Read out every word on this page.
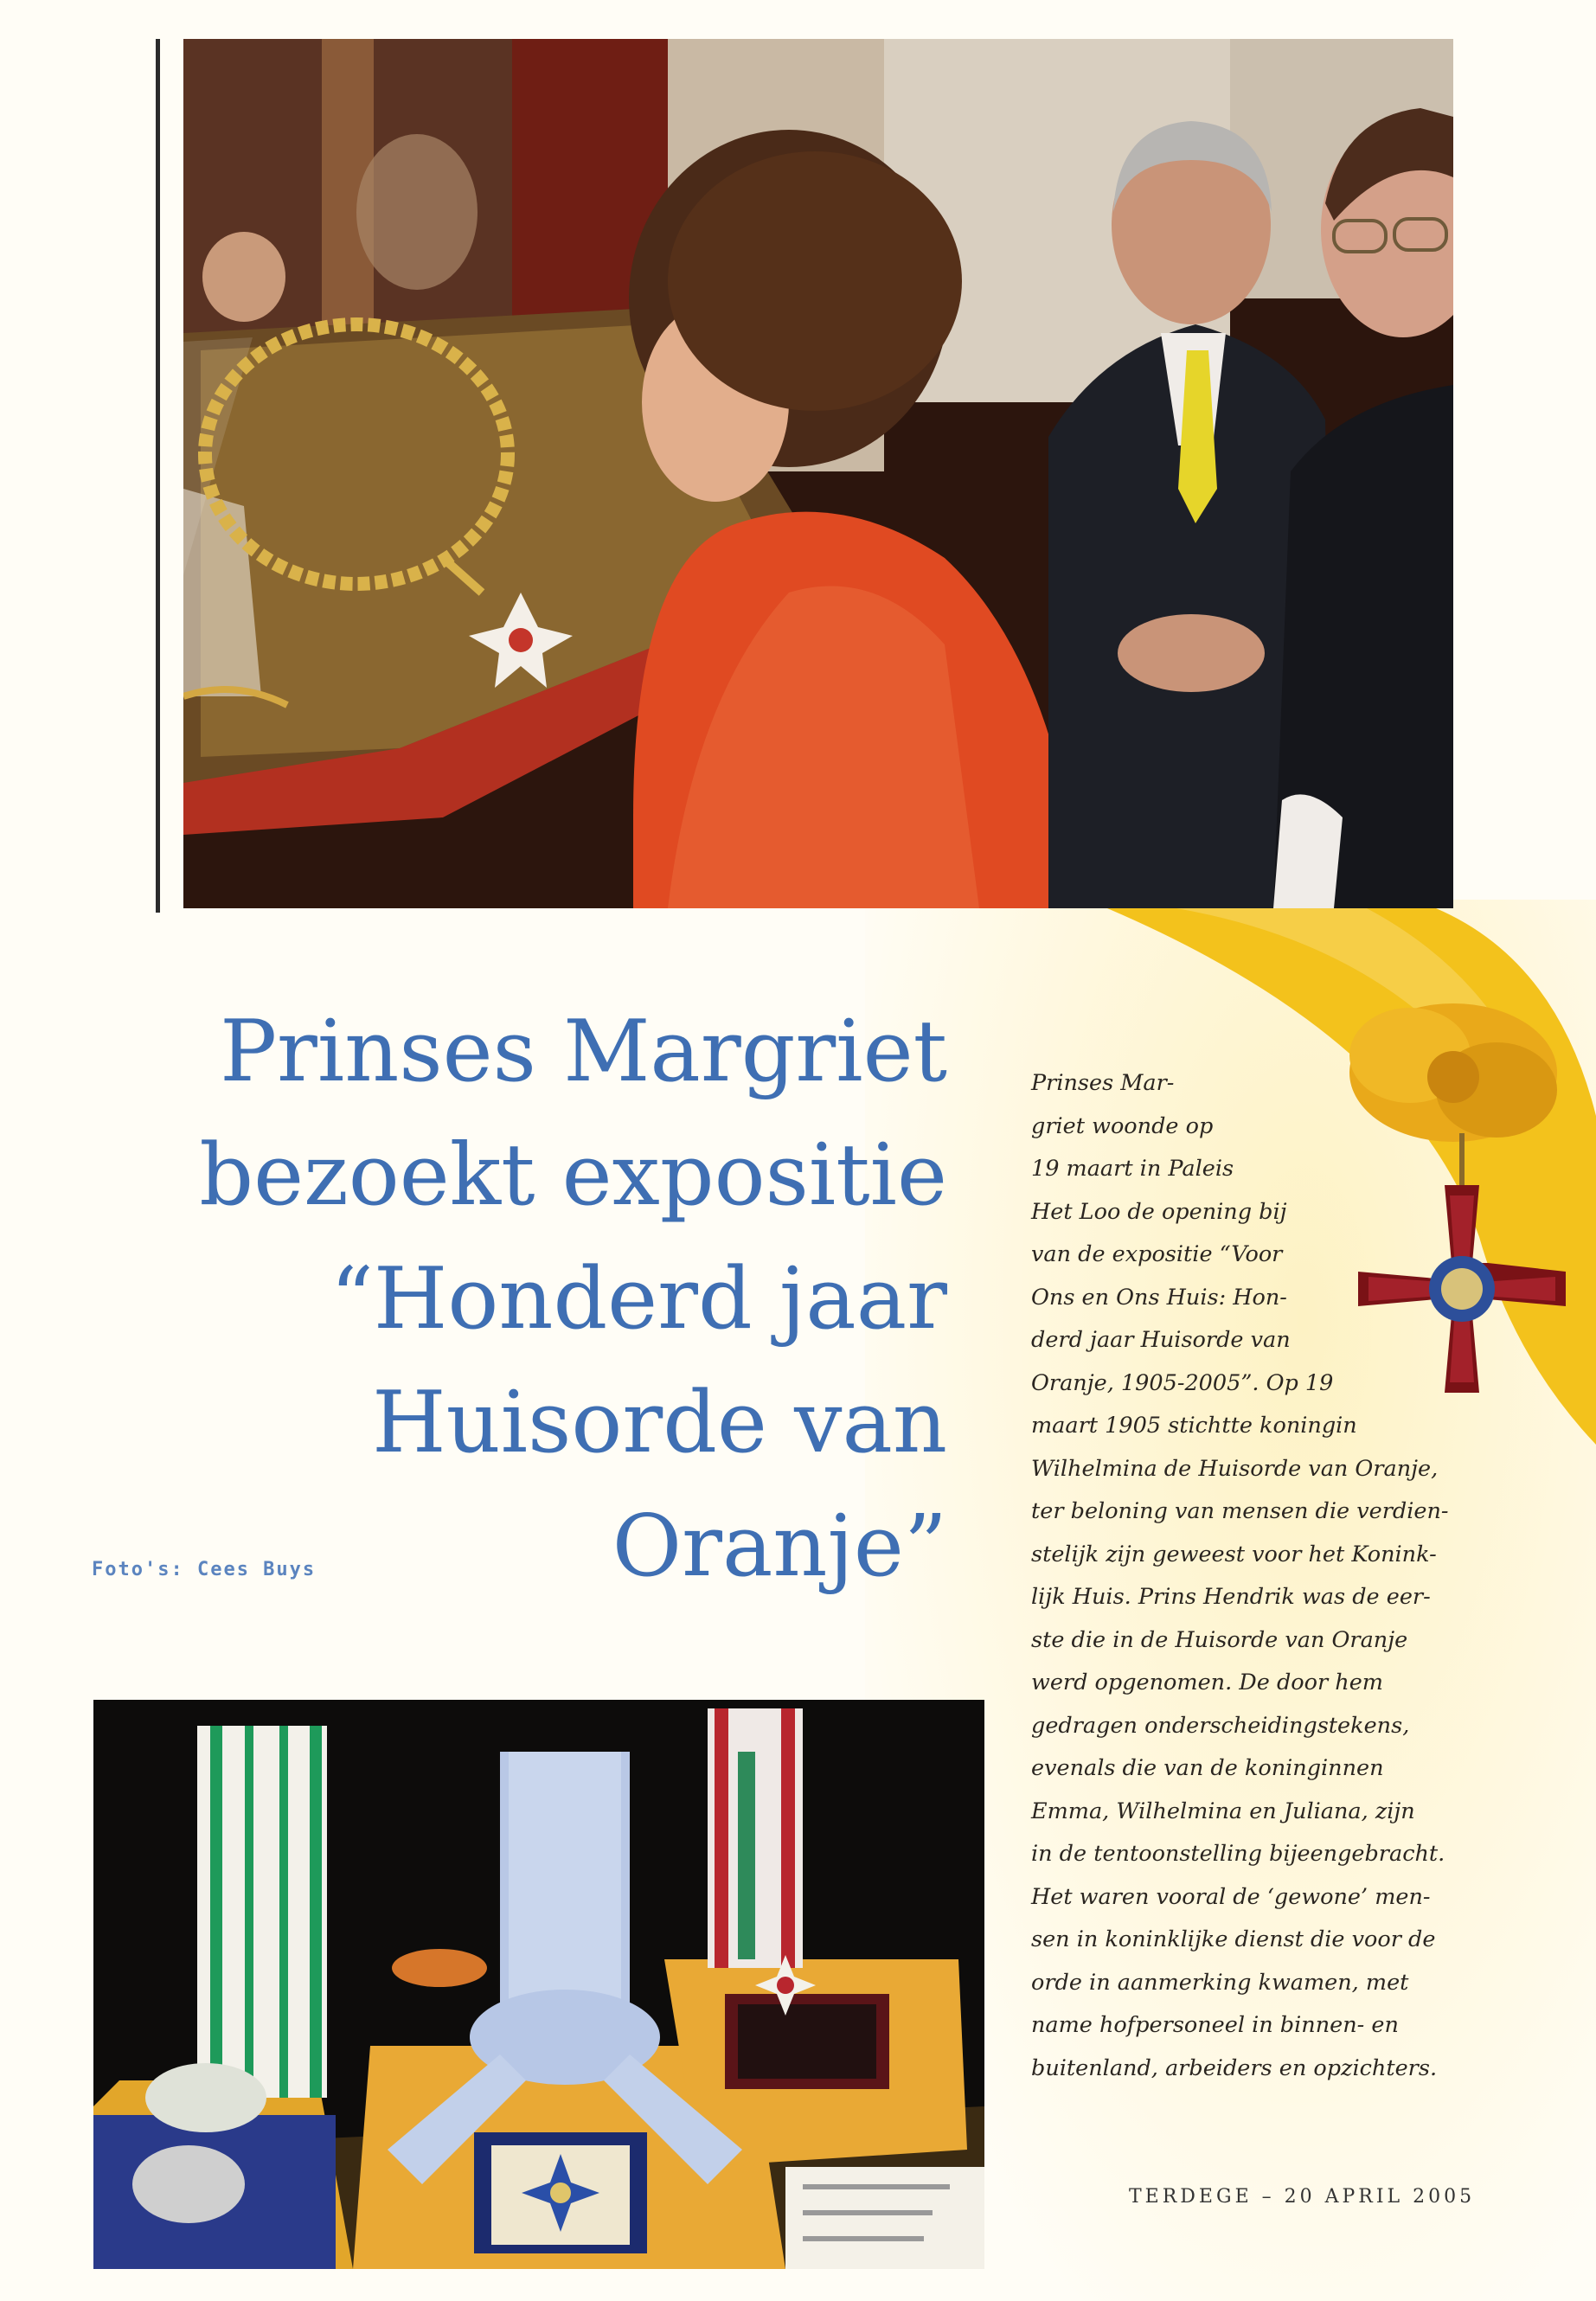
Prinses Margriet
bezoekt expositie
“Honderd jaar
Huisorde van
Oranje”
Foto's: Cees Buys
Prinses Mar-
griet woonde op
19 maart in Paleis
Het Loo de opening bij
van de expositie “Voor
Ons en Ons Huis: Hon-
derd jaar Huisorde van
Oranje, 1905-2005”. Op 19
maart 1905 stichtte koningin
Wilhelmina de Huisorde van Oranje,
ter beloning van mensen die verdien-
stelijk zijn geweest voor het Konink-
lijk Huis. Prins Hendrik was de eer-
ste die in de Huisorde van Oranje
werd opgenomen. De door hem
gedragen onderscheidingstekens,
evenals die van de koninginnen
Emma, Wilhelmina en Juliana, zijn
in de tentoonstelling bijeengebracht.
Het waren vooral de ‘gewone’ men-
sen in koninklijke dienst die voor de
orde in aanmerking kwamen, met
name hofpersoneel in binnen- en
buitenland, arbeiders en opzichters.
TERDEGE – 20 APRIL 2005
